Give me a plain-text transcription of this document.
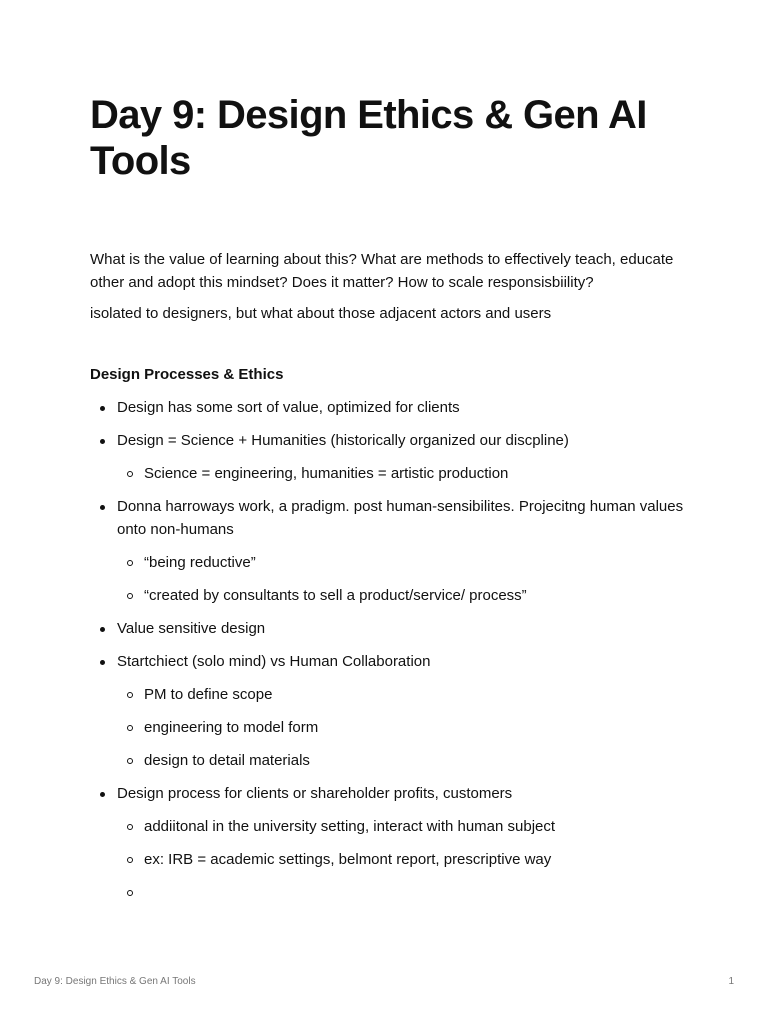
Day 9: Design Ethics & Gen AI Tools

What is the value of learning about this? What are methods to effectively teach, educate other and adopt this mindset? Does it matter? How to scale responsisbiility?

isolated to designers, but what about those adjacent actors and users

Design Processes & Ethics
Design has some sort of value, optimized for clients
Design = Science + Humanities (historically organized our discpline)
Science = engineering, humanities = artistic production
Donna harroways work, a pradigm. post human-sensibilites. Projecitng human values onto non-humans
“being reductive”
“created by consultants to sell a product/service/ process”
Value sensitive design
Startchiect (solo mind) vs Human Collaboration
PM to define scope
engineering to model form
design to detail materials
Design process for clients or shareholder profits, customers
addiitonal in the university setting, interact with human subject
ex: IRB = academic settings, belmont report, prescriptive way
Day 9: Design Ethics & Gen AI Tools	1
